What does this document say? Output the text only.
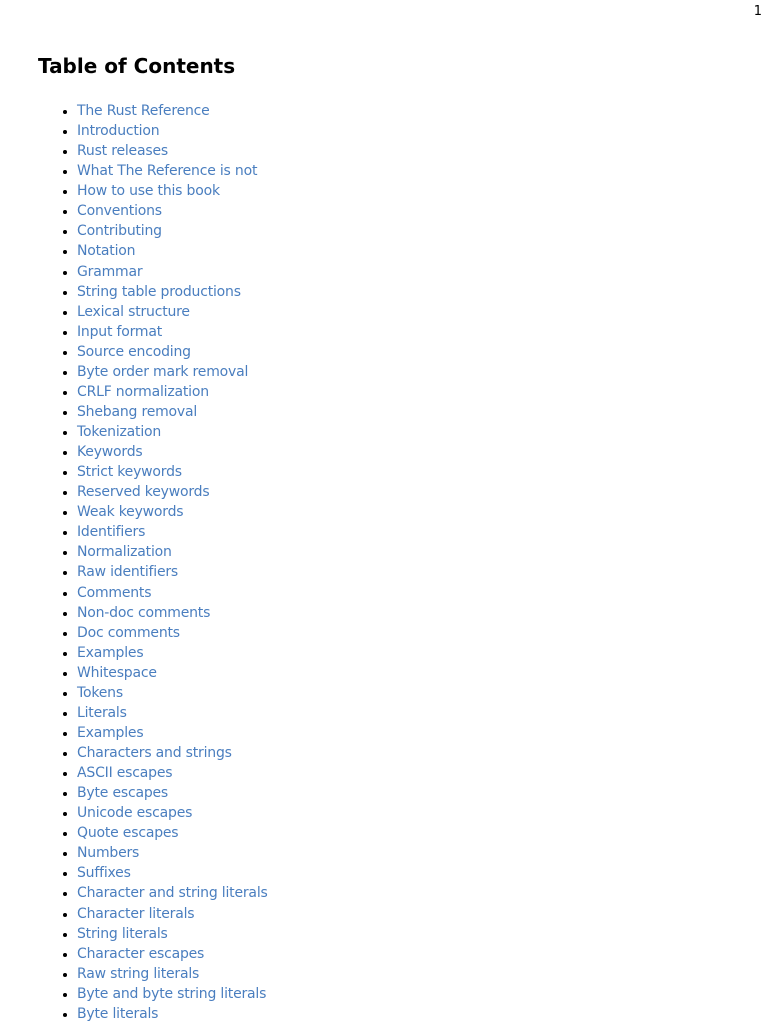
1
Table of Contents
• The Rust Reference
• Introduction
• Rust releases
• What The Reference is not
• How to use this book
• Conventions
• Contributing
• Notation
• Grammar
• String table productions
• Lexical structure
• Input format
• Source encoding
• Byte order mark removal
• CRLF normalization
• Shebang removal
• Tokenization
• Keywords
• Strict keywords
• Reserved keywords
• Weak keywords
• Identifiers
• Normalization
• Raw identifiers
• Comments
• Non-doc comments
• Doc comments
• Examples
• Whitespace
• Tokens
• Literals
• Examples
• Characters and strings
• ASCII escapes
• Byte escapes
• Unicode escapes
• Quote escapes
• Numbers
• Suffixes
• Character and string literals
• Character literals
• String literals
• Character escapes
• Raw string literals
• Byte and byte string literals
• Byte literals
